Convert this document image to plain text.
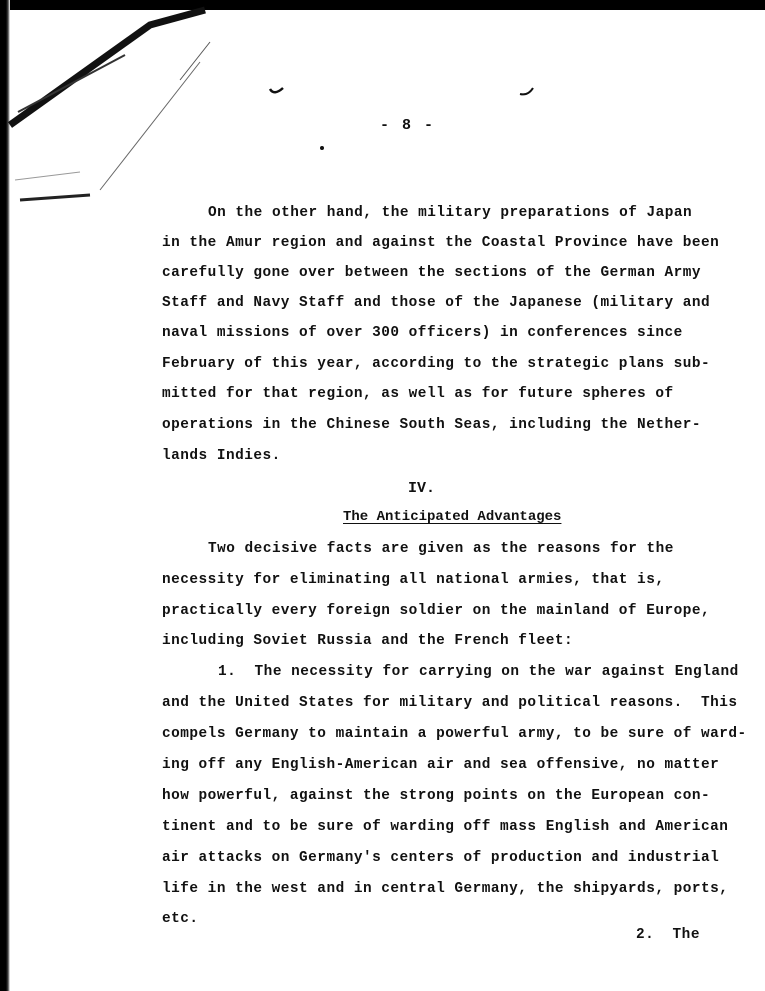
- 8 -
On the other hand, the military preparations of Japan
in the Amur region and against the Coastal Province have been
carefully gone over between the sections of the German Army
Staff and Navy Staff and those of the Japanese (military and
naval missions of over 300 officers) in conferences since
February of this year, according to the strategic plans sub-
mitted for that region, as well as for future spheres of
operations in the Chinese South Seas, including the Nether-
lands Indies.
IV.
The Anticipated Advantages
Two decisive facts are given as the reasons for the
necessity for eliminating all national armies, that is,
practically every foreign soldier on the mainland of Europe,
including Soviet Russia and the French fleet:
1.  The necessity for carrying on the war against England
and the United States for military and political reasons.  This
compels Germany to maintain a powerful army, to be sure of ward-
ing off any English-American air and sea offensive, no matter
how powerful, against the strong points on the European con-
tinent and to be sure of warding off mass English and American
air attacks on Germany's centers of production and industrial
life in the west and in central Germany, the shipyards, ports,
etc.
2.  The
